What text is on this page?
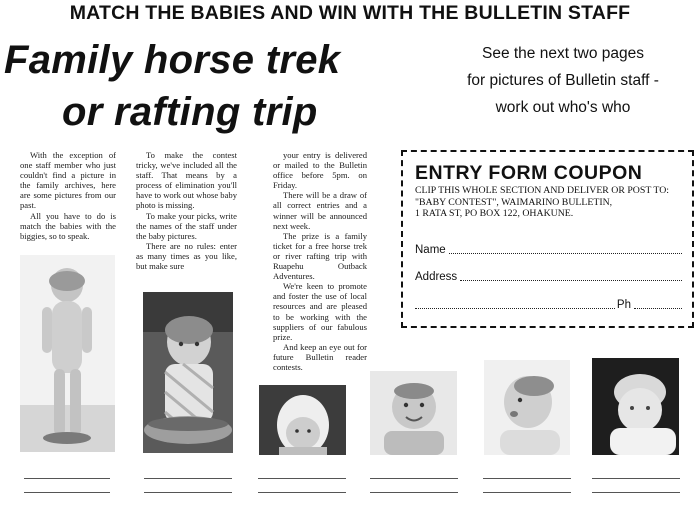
MATCH THE BABIES AND WIN WITH THE BULLETIN STAFF
Family horse trek
or rafting trip
See the next two pages
for pictures of Bulletin staff -
work out who's who

With the exception of one staff member who just couldn't find a picture in the family archives, here are some pictures from our past.

All you have to do is match the babies with the biggies, so to speak.

To make the contest tricky, we've included all the staff. That means by a process of elimination you'll have to work out whose baby photo is missing.

To make your picks, write the names of the staff under the baby pictures.

There are no rules: enter as many times as you like, but make sure

your entry is delivered or mailed to the Bulletin office before 5pm. on Friday.

There will be a draw of all correct entries and a winner will be announced next week.

The prize is a family ticket for a free horse trek or river rafting trip with Ruapehu Outback Adventures.

We're keen to promote and foster the use of local resources and are pleased to be working with the suppliers of our fabulous prize.

And keep an eye out for future Bulletin reader contests.

ENTRY FORM COUPON
CLIP THIS WHOLE SECTION AND DELIVER OR POST TO:
"BABY CONTEST", WAIMARINO BULLETIN,
1 RATA ST, PO BOX 122, OHAKUNE.
Name
Address
Ph
